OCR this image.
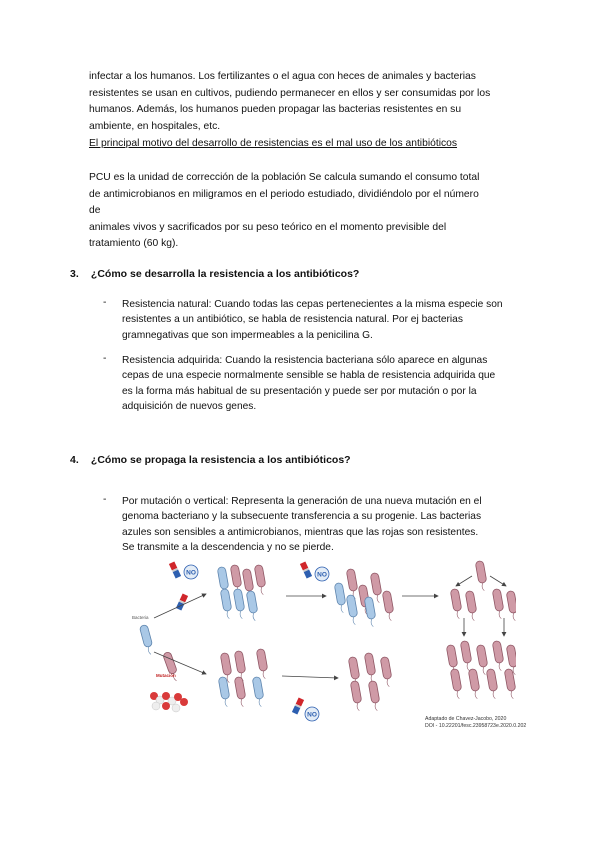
infectar a los humanos. Los fertilizantes o el agua con heces de animales y bacterias
resistentes se usan en cultivos, pudiendo permanecer en ellos y ser consumidas por los
humanos. Además, los humanos pueden propagar las bacterias resistentes en su
ambiente, en hospitales, etc.
El principal motivo del desarrollo de resistencias es el mal uso de los antibióticos
PCU es la unidad de corrección de la población Se calcula sumando el consumo total
de antimicrobianos en miligramos en el periodo estudiado, dividiéndolo por el número
de
animales vivos y sacrificados por su peso teórico en el momento previsible del
tratamiento (60 kg).
3. ¿Cómo se desarrolla la resistencia a los antibióticos?
- Resistencia natural: Cuando todas las cepas pertenecientes a la misma especie son
resistentes a un antibiótico, se habla de resistencia natural. Por ej bacterias
gramnegativas que son impermeables a la penicilina G.
- Resistencia adquirida: Cuando la resistencia bacteriana sólo aparece en algunas
cepas de una especie normalmente sensible se habla de resistencia adquirida que
es la forma más habitual de su presentación y puede ser por mutación o por la
adquisición de nuevos genes.
4. ¿Cómo se propaga la resistencia a los antibióticos?
- Por mutación o vertical: Representa la generación de una nueva mutación en el
genoma bacteriano y la subsecuente transferencia a su progenie. Las bacterias
azules son sensibles a antimicrobianos, mientras que las rojas son resistentes.
Se transmite a la descendencia y no se pierde.
NO
Bacteria
NO
Mutación
NO
Adaptado de Chavez-Jacobo, 2020
DOI - 10.22201/fesc.23958723e.2020.0.202
